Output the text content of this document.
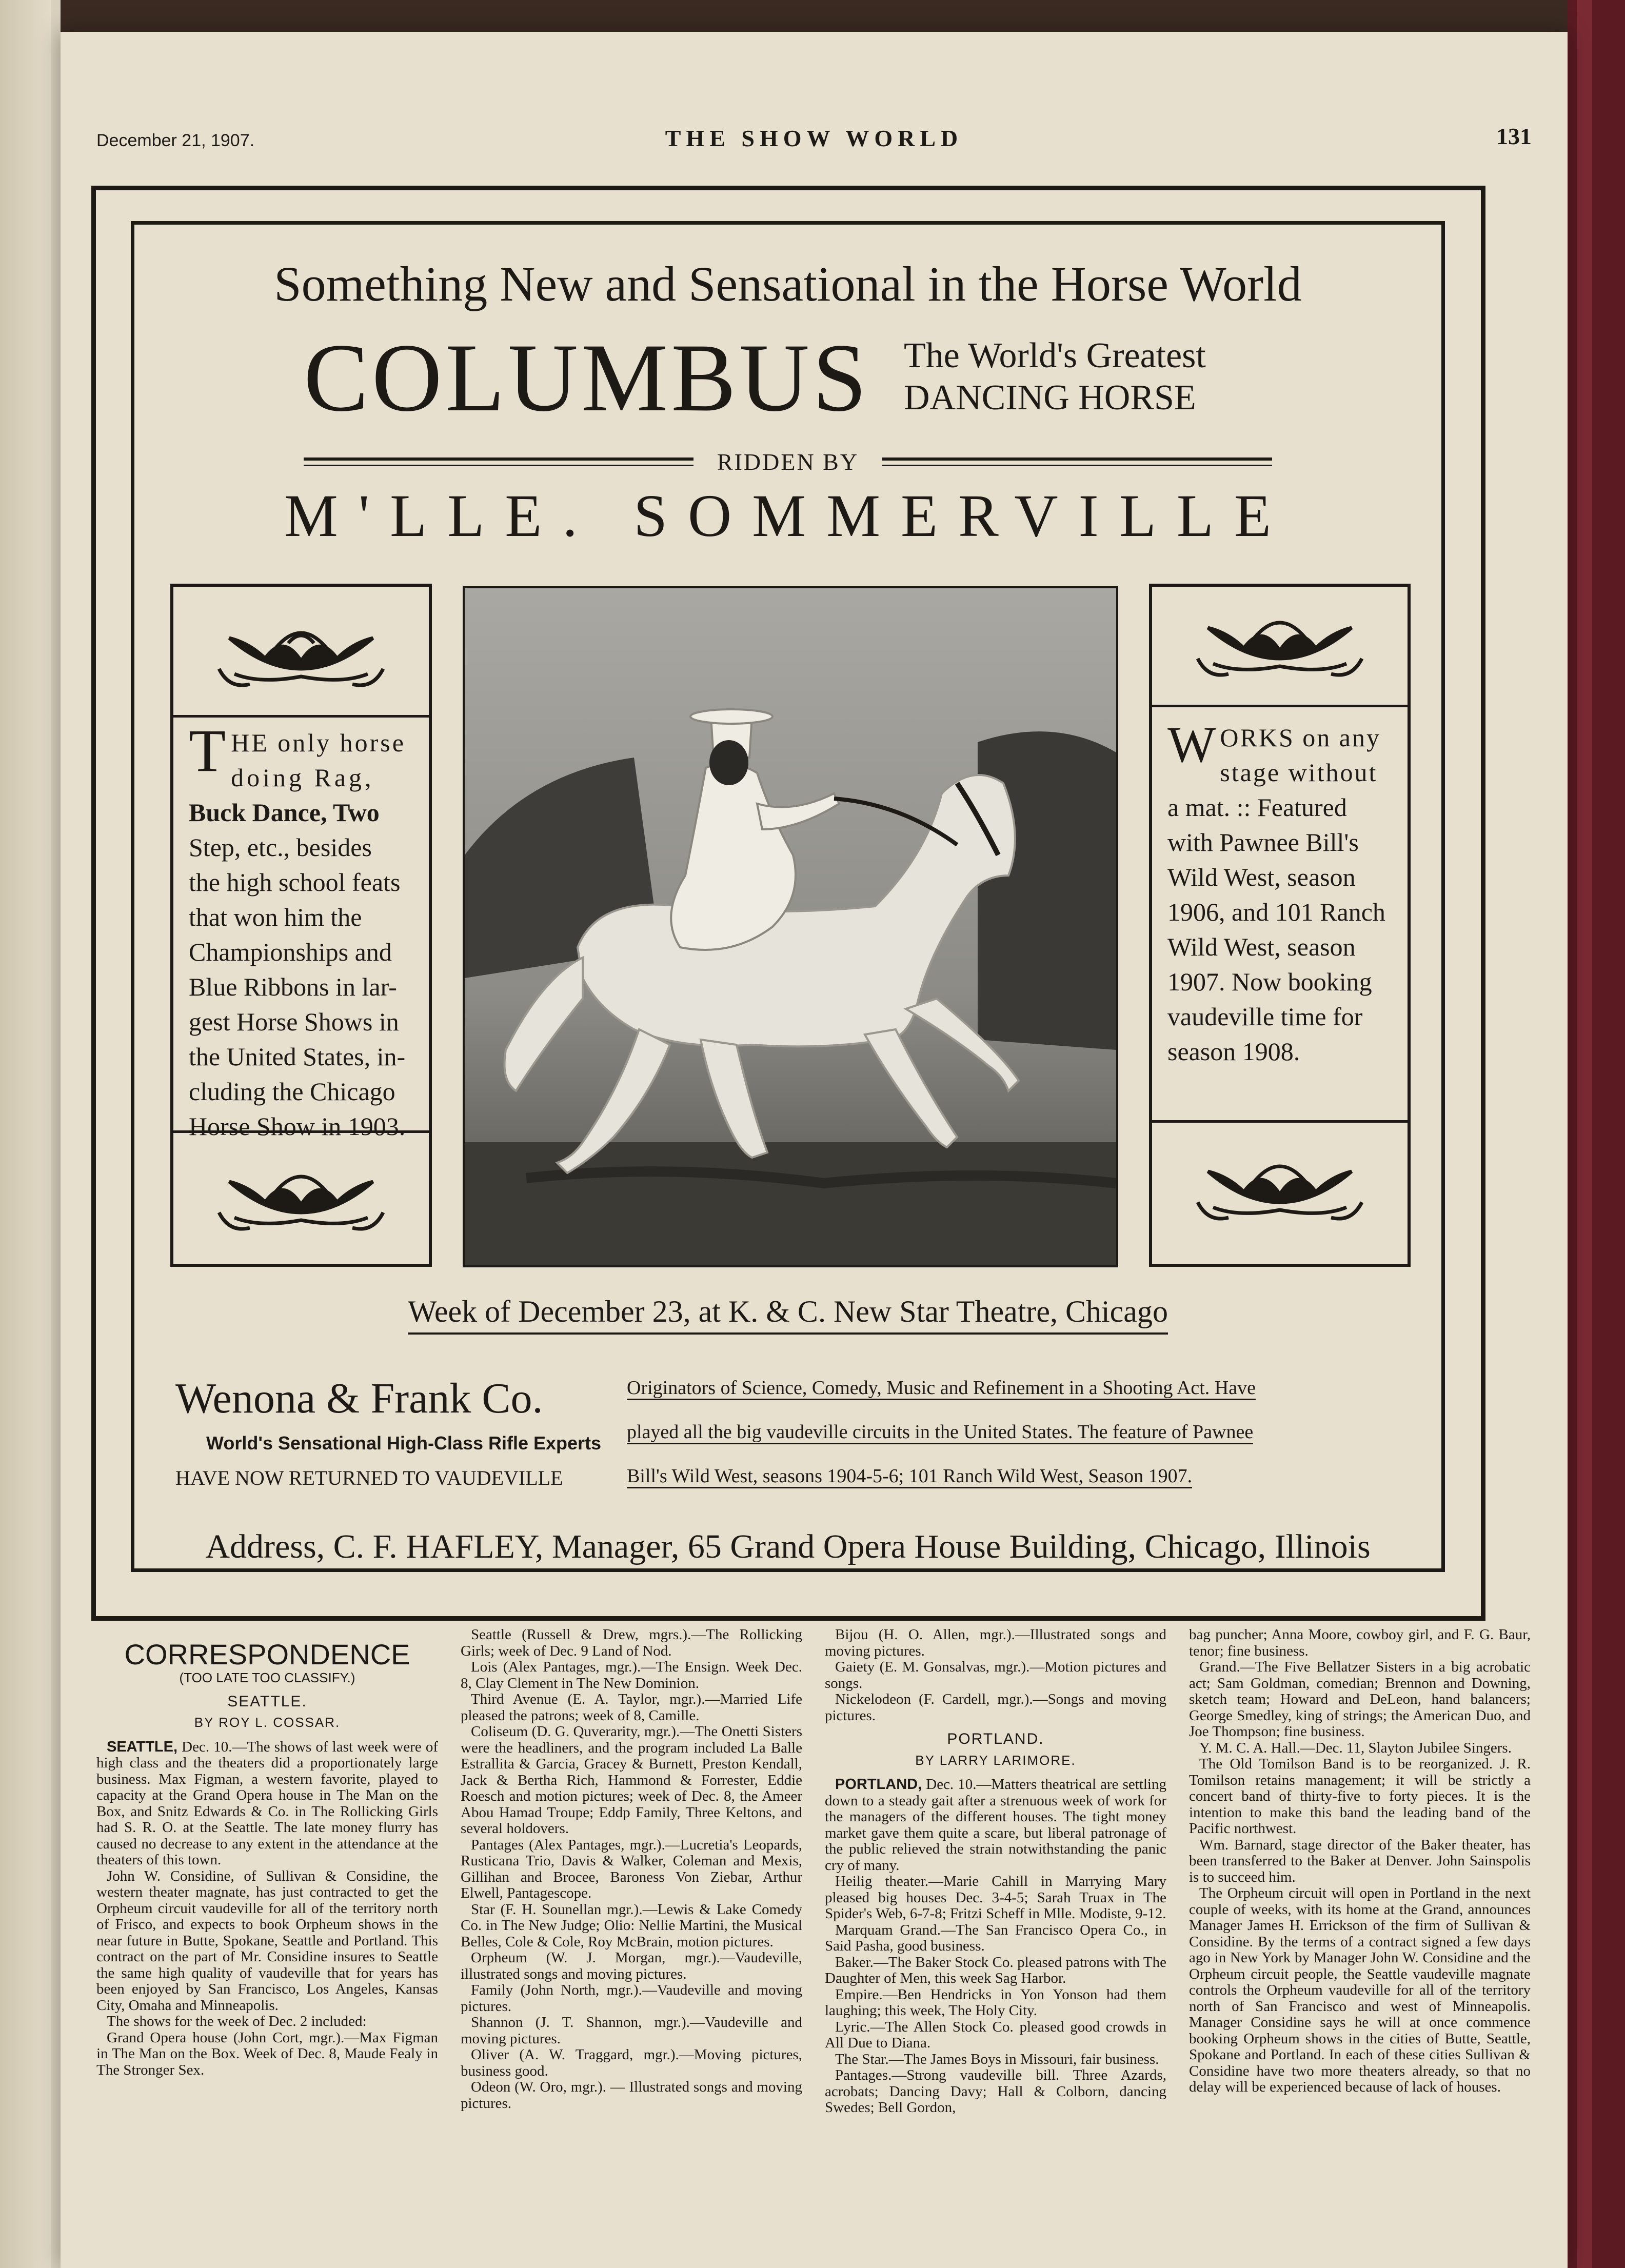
December 21, 1907.	THE SHOW WORLD	131
Something New and Sensational in the Horse World
COLUMBUS The World's Greatest
DANCING HORSE
RIDDEN BY
M'LLE. SOMMERVILLE
T HE only horse
doing Rag,
Buck Dance, Two
Step, etc., besides
the high school feats
that won him the
Championships and
Blue Ribbons in lar-
gest Horse Shows in
the United States, in-
cluding the Chicago
Horse Show in 1903.
W ORKS on any
stage without
a mat. :: Featured
with Pawnee Bill's
Wild West, season
1906, and 101 Ranch
Wild West, season
1907. Now booking
vaudeville time for
season 1908.
Week of December 23, at K. & C. New Star Theatre, Chicago
Wenona & Frank Co.
World's Sensational High-Class Rifle Experts
HAVE NOW RETURNED TO VAUDEVILLE
Originators of Science, Comedy, Music and Refinement in a Shooting Act. Have
played all the big vaudeville circuits in the United States. The feature of Pawnee
Bill's Wild West, seasons 1904-5-6; 101 Ranch Wild West, Season 1907.
Address, C. F. HAFLEY, Manager, 65 Grand Opera House Building, Chicago, Illinois

CORRESPONDENCE

(TOO LATE TOO CLASSIFY.)

SEATTLE.

BY ROY L. COSSAR.

SEATTLE, Dec. 10.—The shows of last week were of high class and the theaters did a proportionately large business. Max Figman, a western favorite, played to capacity at the Grand Opera house in The Man on the Box, and Snitz Edwards & Co. in The Rollicking Girls had S. R. O. at the Seattle. The late money flurry has caused no decrease to any extent in the attendance at the theaters of this town.

John W. Considine, of Sullivan & Considine, the western theater magnate, has just contracted to get the Orpheum circuit vaudeville for all of the territory north of Frisco, and expects to book Orpheum shows in the near future in Butte, Spokane, Seattle and Portland. This contract on the part of Mr. Considine insures to Seattle the same high quality of vaudeville that for years has been enjoyed by San Francisco, Los Angeles, Kansas City, Omaha and Minneapolis.

The shows for the week of Dec. 2 included:

Grand Opera house (John Cort, mgr.).—Max Figman in The Man on the Box. Week of Dec. 8, Maude Fealy in The Stronger Sex.

Seattle (Russell & Drew, mgrs.).—The Rollicking Girls; week of Dec. 9 Land of Nod.

Lois (Alex Pantages, mgr.).—The Ensign. Week Dec. 8, Clay Clement in The New Dominion.

Third Avenue (E. A. Taylor, mgr.).—Married Life pleased the patrons; week of 8, Camille.

Coliseum (D. G. Quverarity, mgr.).—The Onetti Sisters were the headliners, and the program included La Balle Estrallita & Garcia, Gracey & Burnett, Preston Kendall, Jack & Bertha Rich, Hammond & Forrester, Eddie Roesch and motion pictures; week of Dec. 8, the Ameer Abou Hamad Troupe; Eddp Family, Three Keltons, and several holdovers.

Pantages (Alex Pantages, mgr.).—Lucretia's Leopards, Rusticana Trio, Davis & Walker, Coleman and Mexis, Gillihan and Brocee, Baroness Von Ziebar, Arthur Elwell, Pantagescope.

Star (F. H. Sounellan mgr.).—Lewis & Lake Comedy Co. in The New Judge; Olio: Nellie Martini, the Musical Belles, Cole & Cole, Roy McBrain, motion pictures.

Orpheum (W. J. Morgan, mgr.).—Vaudeville, illustrated songs and moving pictures.

Family (John North, mgr.).—Vaudeville and moving pictures.

Shannon (J. T. Shannon, mgr.).—Vaudeville and moving pictures.

Oliver (A. W. Traggard, mgr.).—Moving pictures, business good.

Odeon (W. Oro, mgr.). — Illustrated songs and moving pictures.

Bijou (H. O. Allen, mgr.).—Illustrated songs and moving pictures.

Gaiety (E. M. Gonsalvas, mgr.).—Motion pictures and songs.

Nickelodeon (F. Cardell, mgr.).—Songs and moving pictures.

PORTLAND.

BY LARRY LARIMORE.

PORTLAND, Dec. 10.—Matters theatrical are settling down to a steady gait after a strenuous week of work for the managers of the different houses. The tight money market gave them quite a scare, but liberal patronage of the public relieved the strain notwithstanding the panic cry of many.

Heilig theater.—Marie Cahill in Marrying Mary pleased big houses Dec. 3-4-5; Sarah Truax in The Spider's Web, 6-7-8; Fritzi Scheff in Mlle. Modiste, 9-12.

Marquam Grand.—The San Francisco Opera Co., in Said Pasha, good business.

Baker.—The Baker Stock Co. pleased patrons with The Daughter of Men, this week Sag Harbor.

Empire.—Ben Hendricks in Yon Yonson had them laughing; this week, The Holy City.

Lyric.—The Allen Stock Co. pleased good crowds in All Due to Diana.

The Star.—The James Boys in Missouri, fair business.

Pantages.—Strong vaudeville bill. Three Azards, acrobats; Dancing Davy; Hall & Colborn, dancing Swedes; Bell Gordon,

bag puncher; Anna Moore, cowboy girl, and F. G. Baur, tenor; fine business.

Grand.—The Five Bellatzer Sisters in a big acrobatic act; Sam Goldman, comedian; Brennon and Downing, sketch team; Howard and DeLeon, hand balancers; George Smedley, king of strings; the American Duo, and Joe Thompson; fine business.

Y. M. C. A. Hall.—Dec. 11, Slayton Jubilee Singers.

The Old Tomilson Band is to be reorganized. J. R. Tomilson retains management; it will be strictly a concert band of thirty-five to forty pieces. It is the intention to make this band the leading band of the Pacific northwest.

Wm. Barnard, stage director of the Baker theater, has been transferred to the Baker at Denver. John Sainspolis is to succeed him.

The Orpheum circuit will open in Portland in the next couple of weeks, with its home at the Grand, announces Manager James H. Errickson of the firm of Sullivan & Considine. By the terms of a contract signed a few days ago in New York by Manager John W. Considine and the Orpheum circuit people, the Seattle vaudeville magnate controls the Orpheum vaudeville for all of the territory north of San Francisco and west of Minneapolis. Manager Considine says he will at once commence booking Orpheum shows in the cities of Butte, Seattle, Spokane and Portland. In each of these cities Sullivan & Considine have two more theaters already, so that no delay will be experienced because of lack of houses.
